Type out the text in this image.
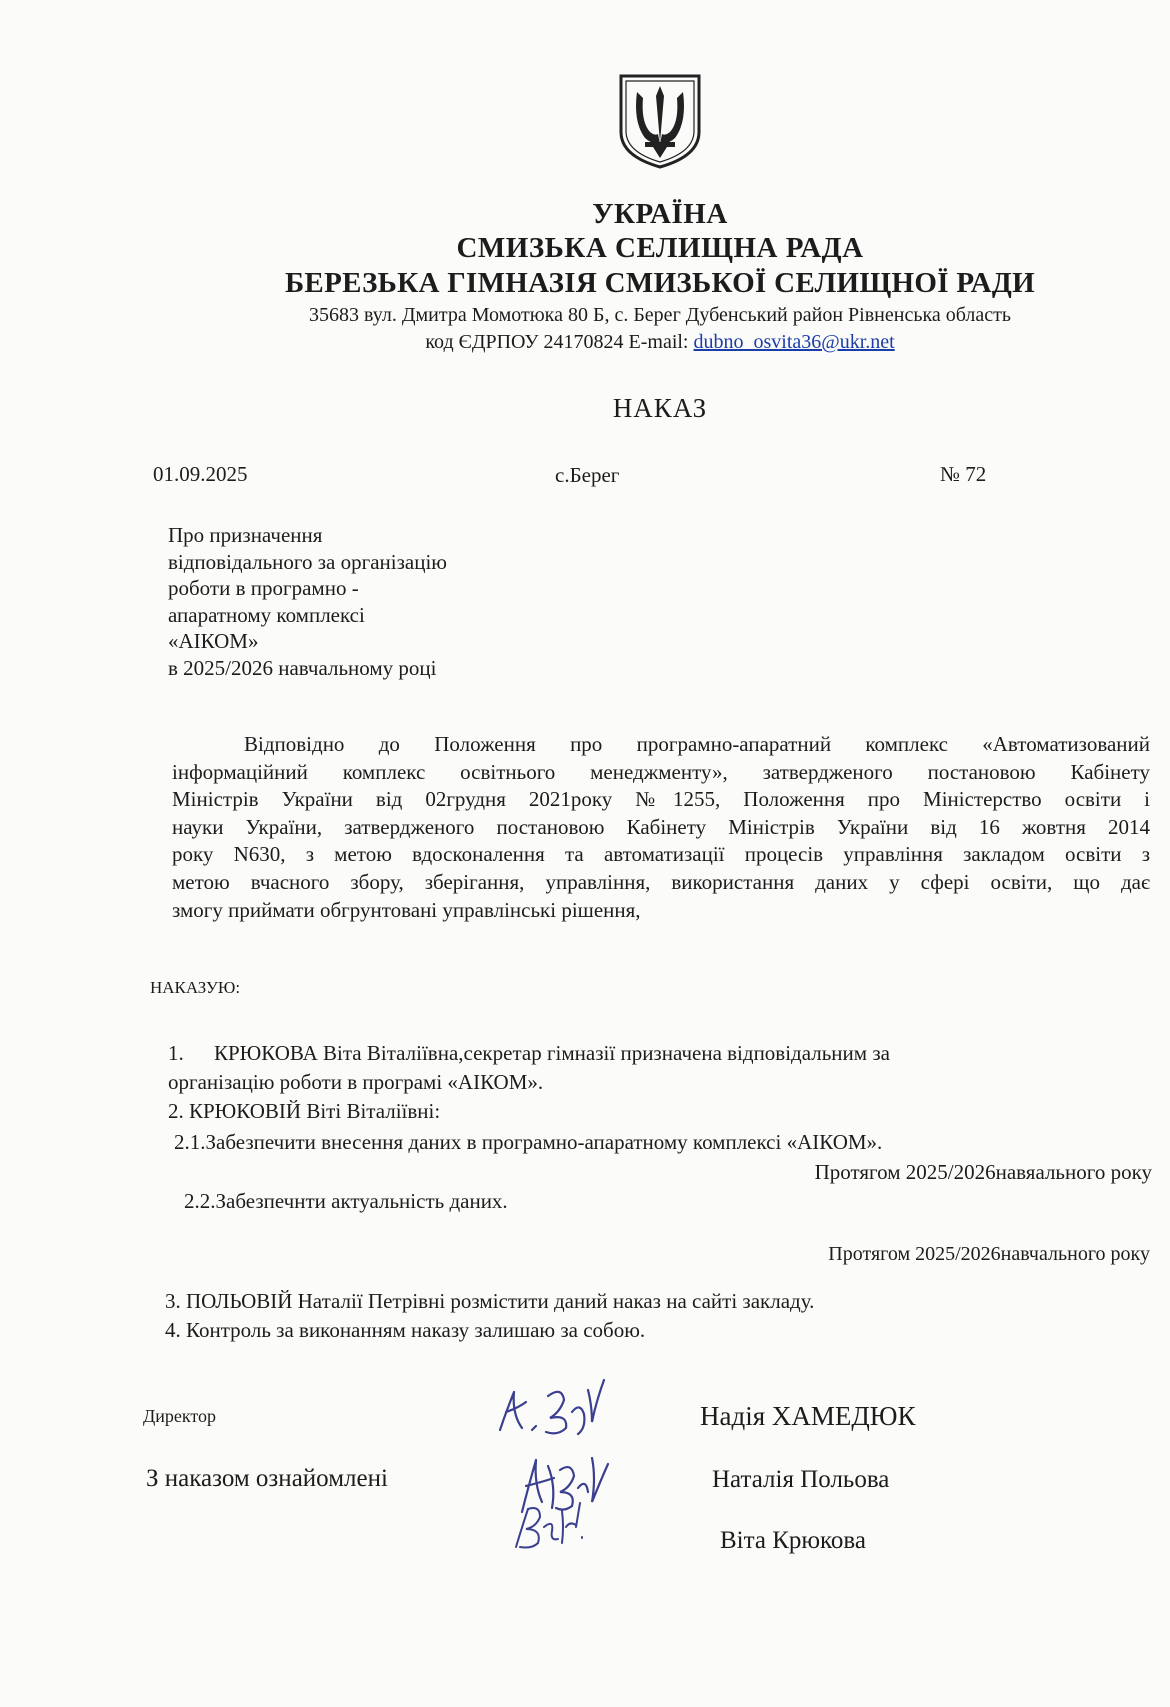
УКРАЇНА
СМИЗЬКА СЕЛИЩНА РАДА
БЕРЕЗЬКА ГІМНАЗІЯ СМИЗЬКОЇ СЕЛИЩНОЇ РАДИ
35683 вул. Дмитра Момотюка 80 Б, с. Берег Дубенський район Рівненська область
код ЄДРПОУ 24170824 E-mail: dubno_osvita36@ukr.net
НАКАЗ
01.09.2025	с.Берег	№ 72
Про призначення
відповідального за організацію
роботи в програмно -
апаратному комплексі
«АІКОМ»
в 2025/2026 навчальному році
Відповідно до Положення про програмно-апаратний комплекс «Автоматизований
інформаційний комплекс освітнього менеджменту», затвердженого постановою Кабінету
Міністрів України від 02грудня 2021року №1255, Положення про Міністерство освіти і
науки України, затвердженого постановою Кабінету Міністрів України від 16 жовтня 2014
року N630, з метою вдосконалення та автоматизації процесів управління закладом освіти з
метою вчасного збору, зберігання, управління, використання даних у сфері освіти, що дає
змогу приймати обгрунтовані управлінські рішення,
НАКАЗУЮ:
1. КРЮКОВА Віта Віталіївна,секретар гімназії призначена відповідальним за
організацію роботи в програмі «АІКОМ».
2. КРЮКОВІЙ Віті Віталіївні:
2.1.Забезпечити внесення даних в програмно-апаратному комплексі «АІКОМ».
Протягом 2025/2026навяального року
2.2.Забезпечнти актуальність даних.
Протягом 2025/2026навчального року
3. ПОЛЬОВІЙ Наталії Петрівні розмістити даний наказ на сайті закладу.
4. Контроль за виконанням наказу залишаю за собою.
Директор	Надія ХАМЕДЮК
З наказом ознайомлені	Наталія Польова
Віта Крюкова
